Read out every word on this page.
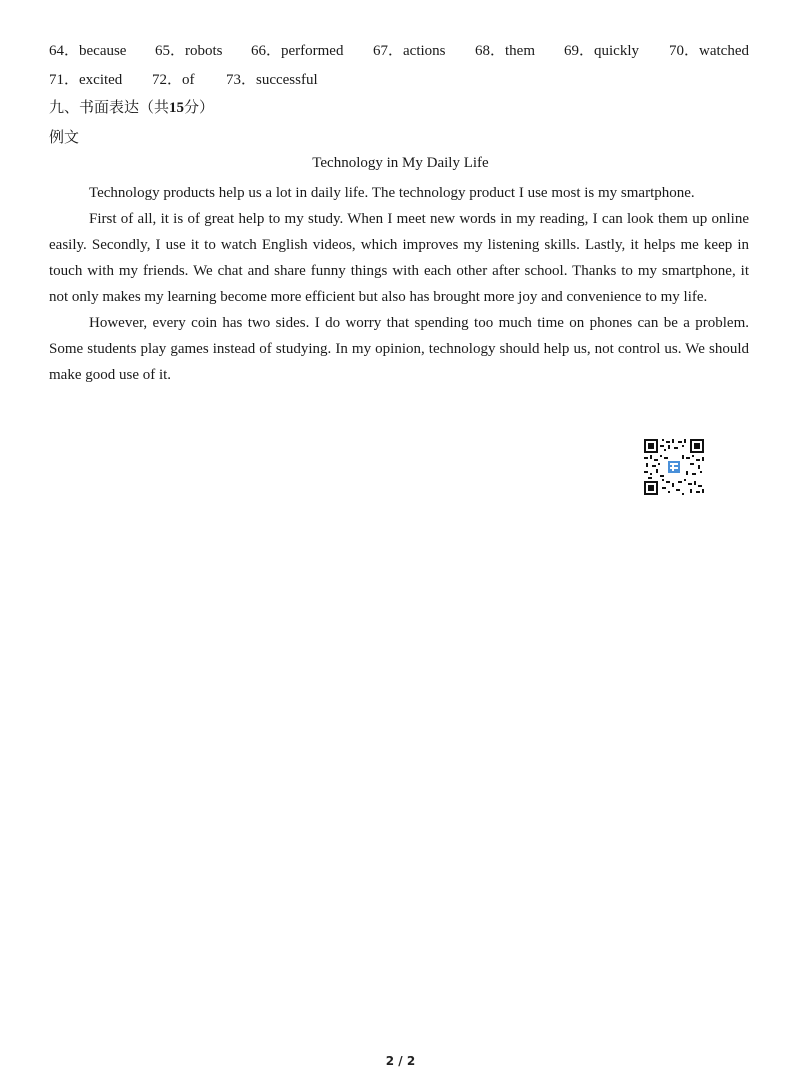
64．because 65．robots 66．performed 67．actions 68．them 69．quickly 70．watched
71．excited 72．of 73．successful
九、书面表达（共15分）
例文
Technology in My Daily Life

Technology products help us a lot in daily life. The technology product I use most is my smartphone.

First of all, it is of great help to my study. When I meet new words in my reading, I can look them up online easily. Secondly, I use it to watch English videos, which improves my listening skills. Lastly, it helps me keep in touch with my friends. We chat and share funny things with each other after school. Thanks to my smartphone, it not only makes my learning become more efficient but also has brought more joy and convenience to my life.

However, every coin has two sides. I do worry that spending too much time on phones can be a problem. Some students play games instead of studying. In my opinion, technology should help us, not control us. We should make good use of it.

2 / 2
